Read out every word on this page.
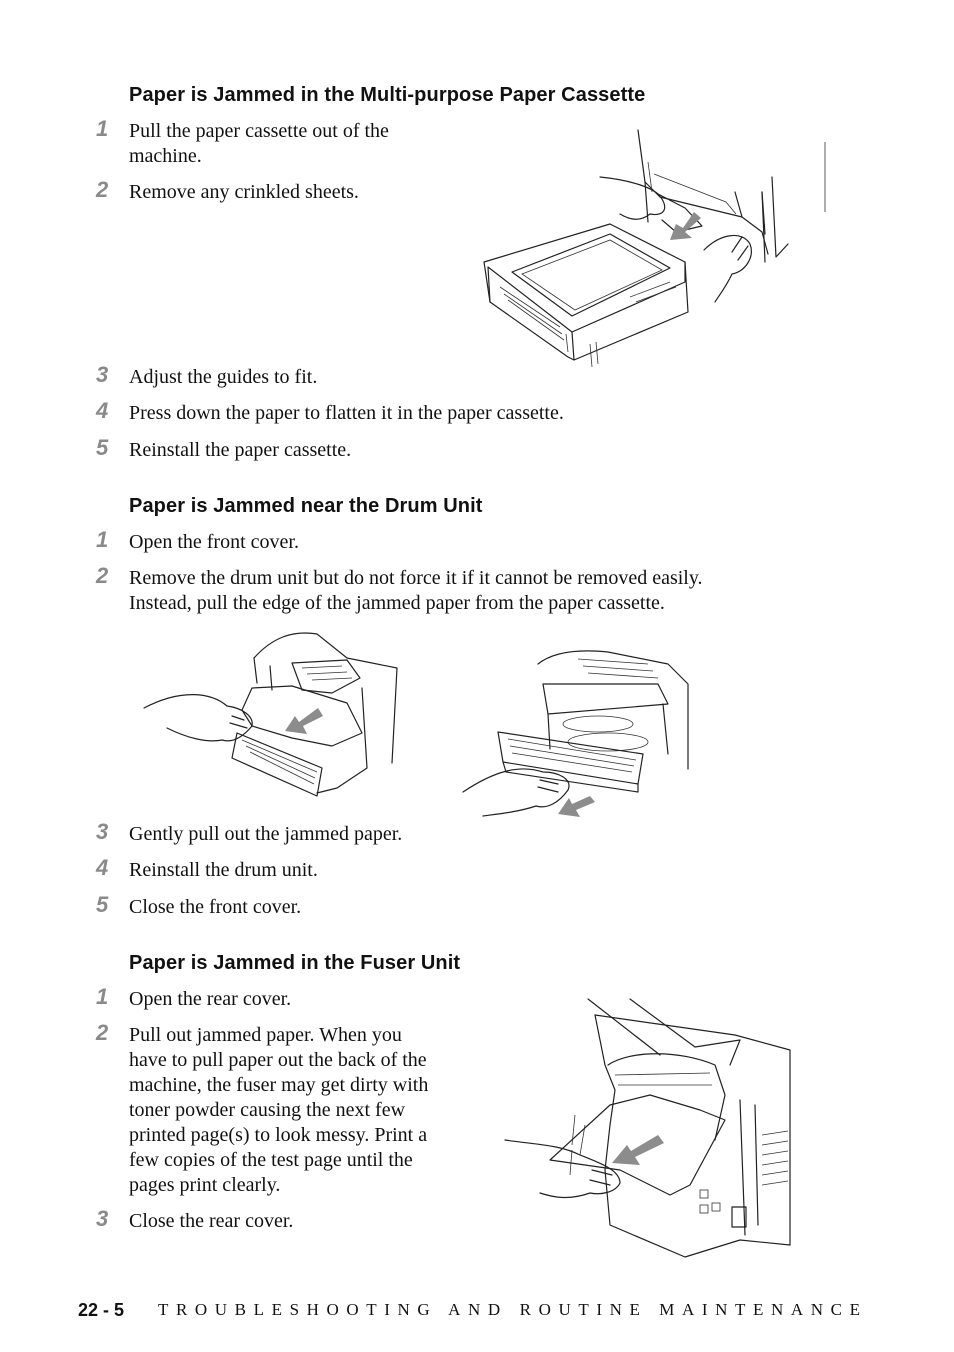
Paper is Jammed in the Multi-purpose Paper Cassette
1	Pull the paper cassette out of the
machine.
2	Remove any crinkled sheets.
3	Adjust the guides to fit.
4	Press down the paper to flatten it in the paper cassette.
5	Reinstall the paper cassette.
Paper is Jammed near the Drum Unit
1	Open the front cover.
2	Remove the drum unit but do not force it if it cannot be removed easily.
Instead, pull the edge of the jammed paper from the paper cassette.
3	Gently pull out the jammed paper.
4	Reinstall the drum unit.
5	Close the front cover.
Paper is Jammed in the Fuser Unit
1	Open the rear cover.
2	Pull out jammed paper. When you
have to pull paper out the back of the
machine, the fuser may get dirty with
toner powder causing the next few
printed page(s) to look messy. Print a
few copies of the test page until the
pages print clearly.
3	Close the rear cover.
22 - 5 TROUBLESHOOTING AND ROUTINE MAINTENANCE
